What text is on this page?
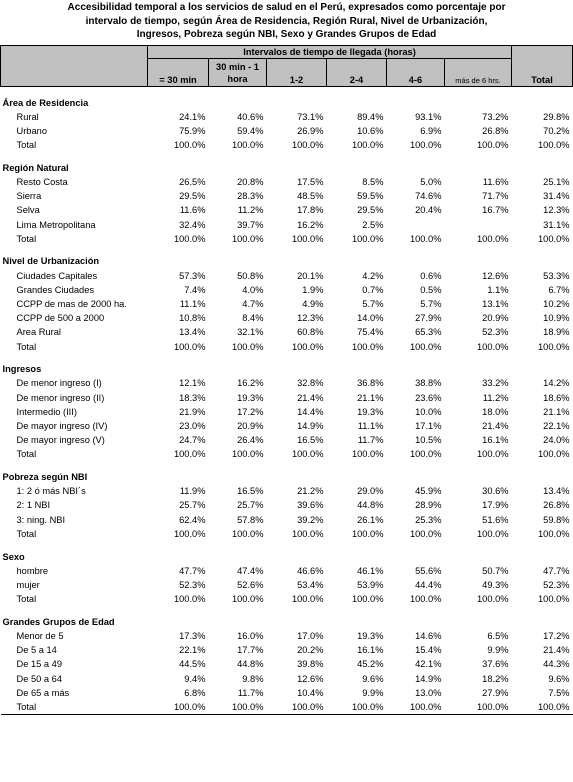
Accesibilidad temporal a los servicios de salud en el Perú, expresados como porcentaje por
intervalo de tiempo, según Área de Residencia, Región Rural, Nivel de Urbanización,
Ingresos, Pobreza según NBI, Sexo y Grandes Grupos de Edad
	Intervalos de tiempo de llegada (horas)						
	= 30 min	30 min - 1 hora	1-2	2-4	4-6	más de 6 hrs.	Total

Área de Residencia							
Rural	24.1%	40.6%	73.1%	89.4%	93.1%	73.2%	29.8%
Urbano	75.9%	59.4%	26.9%	10.6%	6.9%	26.8%	70.2%
Total	100.0%	100.0%	100.0%	100.0%	100.0%	100.0%	100.0%

Región Natural							
Resto Costa	26.5%	20.8%	17.5%	8.5%	5.0%	11.6%	25.1%
Sierra	29.5%	28.3%	48.5%	59.5%	74.6%	71.7%	31.4%
Selva	11.6%	11.2%	17.8%	29.5%	20.4%	16.7%	12.3%
Lima Metropolitana	32.4%	39.7%	16.2%	2.5%			31.1%
Total	100.0%	100.0%	100.0%	100.0%	100.0%	100.0%	100.0%

Nivel de Urbanización							
Ciudades Capitales	57.3%	50.8%	20.1%	4.2%	0.6%	12.6%	53.3%
Grandes Ciudades	7.4%	4.0%	1.9%	0.7%	0.5%	1.1%	6.7%
CCPP de mas de 2000 ha.	11.1%	4.7%	4.9%	5.7%	5.7%	13.1%	10.2%
CCPP de 500 a 2000	10.8%	8.4%	12.3%	14.0%	27.9%	20.9%	10.9%
Area Rural	13.4%	32.1%	60.8%	75.4%	65.3%	52.3%	18.9%
Total	100.0%	100.0%	100.0%	100.0%	100.0%	100.0%	100.0%

Ingresos							
De menor ingreso (I)	12.1%	16.2%	32.8%	36.8%	38.8%	33.2%	14.2%
De menor ingreso (II)	18.3%	19.3%	21.4%	21.1%	23.6%	11.2%	18.6%
Intermedio (III)	21.9%	17.2%	14.4%	19.3%	10.0%	18.0%	21.1%
De mayor ingreso (IV)	23.0%	20.9%	14.9%	11.1%	17.1%	21.4%	22.1%
De mayor ingreso (V)	24.7%	26.4%	16.5%	11.7%	10.5%	16.1%	24.0%
Total	100.0%	100.0%	100.0%	100.0%	100.0%	100.0%	100.0%

Pobreza según NBI							
1: 2 ó más NBI´s	11.9%	16.5%	21.2%	29.0%	45.9%	30.6%	13.4%
2: 1 NBI	25.7%	25.7%	39.6%	44.8%	28.9%	17.9%	26.8%
3: ning. NBI	62.4%	57.8%	39.2%	26.1%	25.3%	51.6%	59.8%
Total	100.0%	100.0%	100.0%	100.0%	100.0%	100.0%	100.0%

Sexo							
hombre	47.7%	47.4%	46.6%	46.1%	55.6%	50.7%	47.7%
mujer	52.3%	52.6%	53.4%	53.9%	44.4%	49.3%	52.3%
Total	100.0%	100.0%	100.0%	100.0%	100.0%	100.0%	100.0%

Grandes Grupos de Edad							
Menor de 5	17.3%	16.0%	17.0%	19.3%	14.6%	6.5%	17.2%
De 5 a 14	22.1%	17.7%	20.2%	16.1%	15.4%	9.9%	21.4%
De 15 a 49	44.5%	44.8%	39.8%	45.2%	42.1%	37.6%	44.3%
De 50 a 64	9.4%	9.8%	12.6%	9.6%	14.9%	18.2%	9.6%
De 65 a más	6.8%	11.7%	10.4%	9.9%	13.0%	27.9%	7.5%
Total	100.0%	100.0%	100.0%	100.0%	100.0%	100.0%	100.0%
